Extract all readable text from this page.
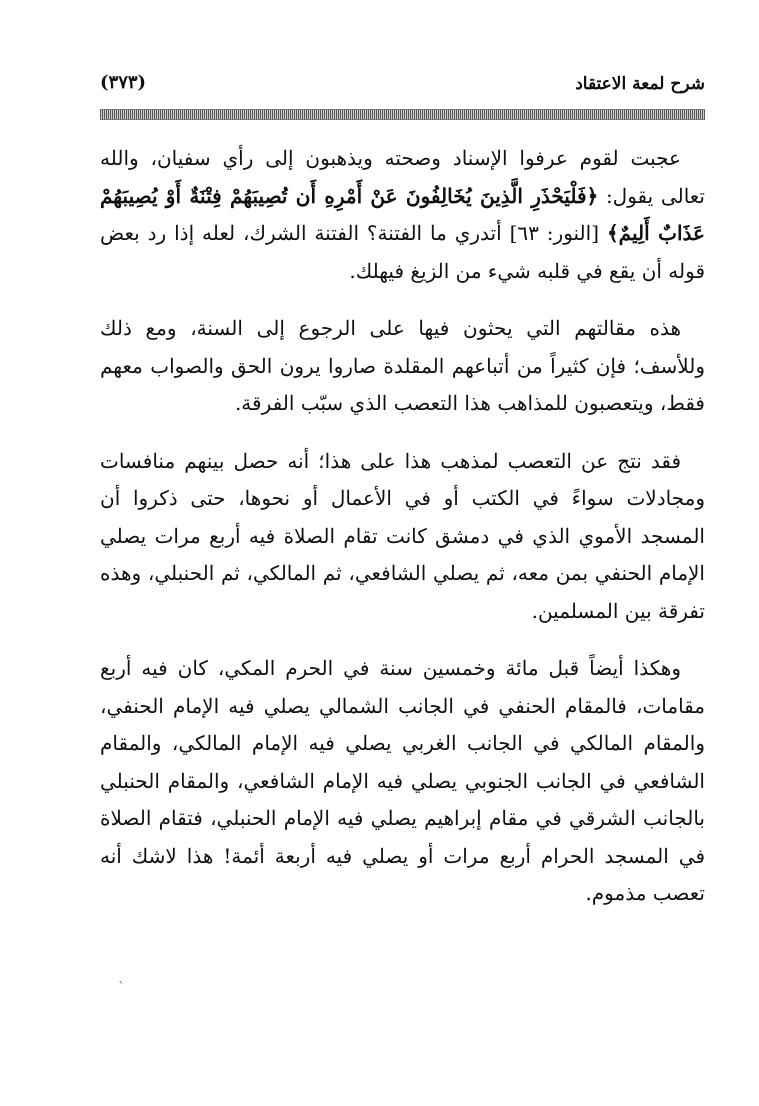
شرح لمعة الاعتقاد
(٣٧٣)

عجبت لقوم عرفوا الإسناد وصحته ويذهبون إلى رأي سفيان، والله تعالى يقول: ﴿فَلْيَحْذَرِ الَّذِينَ يُخَالِفُونَ عَنْ أَمْرِهِ أَن تُصِيبَهُمْ فِتْنَةٌ أَوْ يُصِيبَهُمْ عَذَابٌ أَلِيمٌ﴾ [النور: ٦٣] أتدري ما الفتنة؟ الفتنة الشرك، لعله إذا رد بعض قوله أن يقع في قلبه شيء من الزيغ فيهلك.

هذه مقالتهم التي يحثون فيها على الرجوع إلى السنة، ومع ذلك وللأسف؛ فإن كثيراً من أتباعهم المقلدة صاروا يرون الحق والصواب معهم فقط، ويتعصبون للمذاهب هذا التعصب الذي سبّب الفرقة.

فقد نتج عن التعصب لمذهب هذا على هذا؛ أنه حصل بينهم منافسات ومجادلات سواءً في الكتب أو في الأعمال أو نحوها، حتى ذكروا أن المسجد الأموي الذي في دمشق كانت تقام الصلاة فيه أربع مرات يصلي الإمام الحنفي بمن معه، ثم يصلي الشافعي، ثم المالكي، ثم الحنبلي، وهذه تفرقة بين المسلمين.

وهكذا أيضاً قبل مائة وخمسين سنة في الحرم المكي، كان فيه أربع مقامات، فالمقام الحنفي في الجانب الشمالي يصلي فيه الإمام الحنفي، والمقام المالكي في الجانب الغربي يصلي فيه الإمام المالكي، والمقام الشافعي في الجانب الجنوبي يصلي فيه الإمام الشافعي، والمقام الحنبلي بالجانب الشرقي في مقام إبراهيم يصلي فيه الإمام الحنبلي، فتقام الصلاة في المسجد الحرام أربع مرات أو يصلي فيه أربعة أئمة! هذا لاشك أنه تعصب مذموم.

ˋ
